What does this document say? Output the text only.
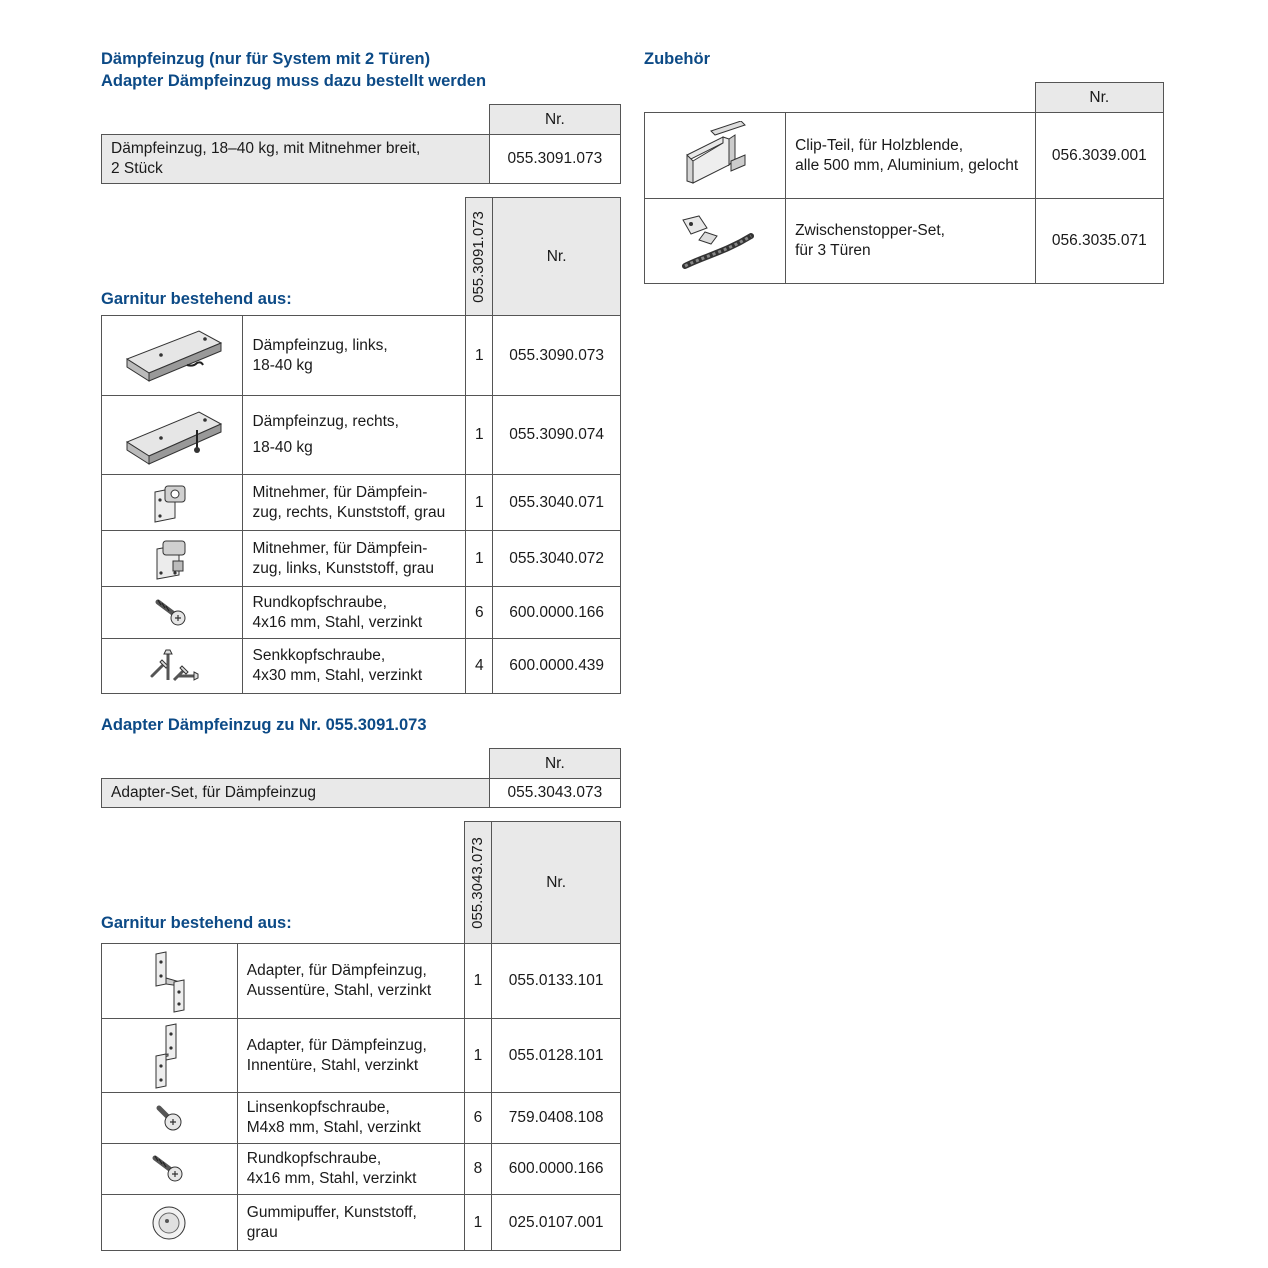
Dämpfeinzug (nur für System mit 2 Türen)
Adapter Dämpfeinzug muss dazu bestellt werden
	Nr.

Dämpfeinzug, 18–40 kg, mit Mitnehmer breit,
2 Stück	055.3091.073
Garnitur bestehend aus:

		055.3091.073	Nr.

Dämpfeinzug, links,
18-40 kg	1	055.3090.073

Dämpfeinzug, rechts,
18-40 kg	1	055.3090.074

Mitnehmer, für Dämpfein-
zug, rechts, Kunststoff, grau	1	055.3040.071

Mitnehmer, für Dämpfein-
zug, links, Kunststoff, grau	1	055.3040.072

Rundkopfschraube,
4x16 mm, Stahl, verzinkt	6	600.0000.166

Senkkopfschraube,
4x30 mm, Stahl, verzinkt	4	600.0000.439
Adapter Dämpfeinzug zu Nr. 055.3091.073
	Nr.
Adapter-Set, für Dämpfeinzug	055.3043.073
Garnitur bestehend aus:

		055.3043.073	Nr.

Adapter, für Dämpfeinzug,
Aussentüre, Stahl, verzinkt	1	055.0133.101

Adapter, für Dämpfeinzug,
Innentüre, Stahl, verzinkt	1	055.0128.101

Linsenkopfschraube,
M4x8 mm, Stahl, verzinkt	6	759.0408.108

Rundkopfschraube,
4x16 mm, Stahl, verzinkt	8	600.0000.166

Gummipuffer, Kunststoff,
grau	1	025.0107.001
Zubehör
		Nr.

Clip-Teil, für Holzblende,
alle 500 mm, Aluminium, gelocht	056.3039.001

Zwischenstopper-Set,
für 3 Türen	056.3035.071
